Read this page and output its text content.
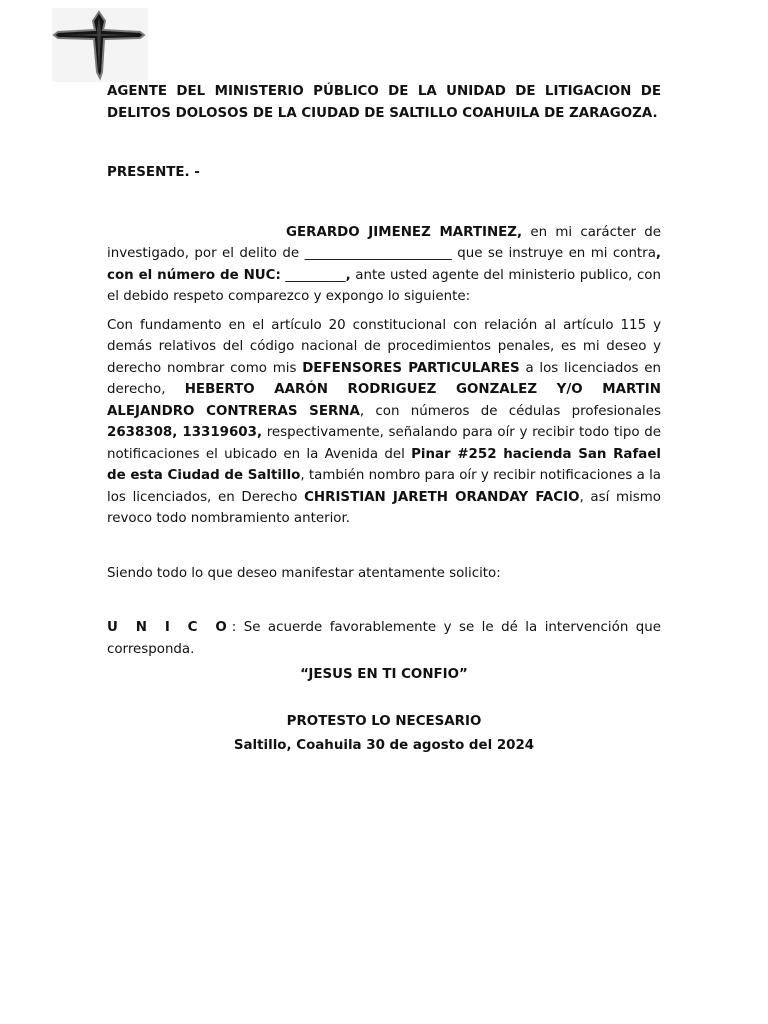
AGENTE DEL MINISTERIO PÚBLICO DE LA UNIDAD DE LITIGACION DE DELITOS DOLOSOS DE LA CIUDAD DE SALTILLO COAHUILA DE ZARAGOZA.

PRESENTE. -

GERARDO JIMENEZ MARTINEZ, en mi carácter de investigado, por el delito de ______________________ que se instruye en mi contra, con el número de NUC: _________, ante usted agente del ministerio publico, con el debido respeto comparezco y expongo lo siguiente:

Con fundamento en el artículo 20 constitucional con relación al artículo 115 y demás relativos del código nacional de procedimientos penales, es mi deseo y derecho nombrar como mis DEFENSORES PARTICULARES a los licenciados en derecho, HEBERTO AARÓN RODRIGUEZ GONZALEZ Y/O MARTIN ALEJANDRO CONTRERAS SERNA, con números de cédulas profesionales 2638308, 13319603, respectivamente, señalando para oír y recibir todo tipo de notificaciones el ubicado en la Avenida del Pinar #252 hacienda San Rafael de esta Ciudad de Saltillo, también nombro para oír y recibir notificaciones a la los licenciados, en Derecho CHRISTIAN JARETH ORANDAY FACIO, así mismo revoco todo nombramiento anterior.

Siendo todo lo que deseo manifestar atentamente solicito:

U N I C O: Se acuerde favorablemente y se le dé la intervención que corresponda.

“JESUS EN TI CONFIO”

PROTESTO LO NECESARIO

Saltillo, Coahuila 30 de agosto del 2024
